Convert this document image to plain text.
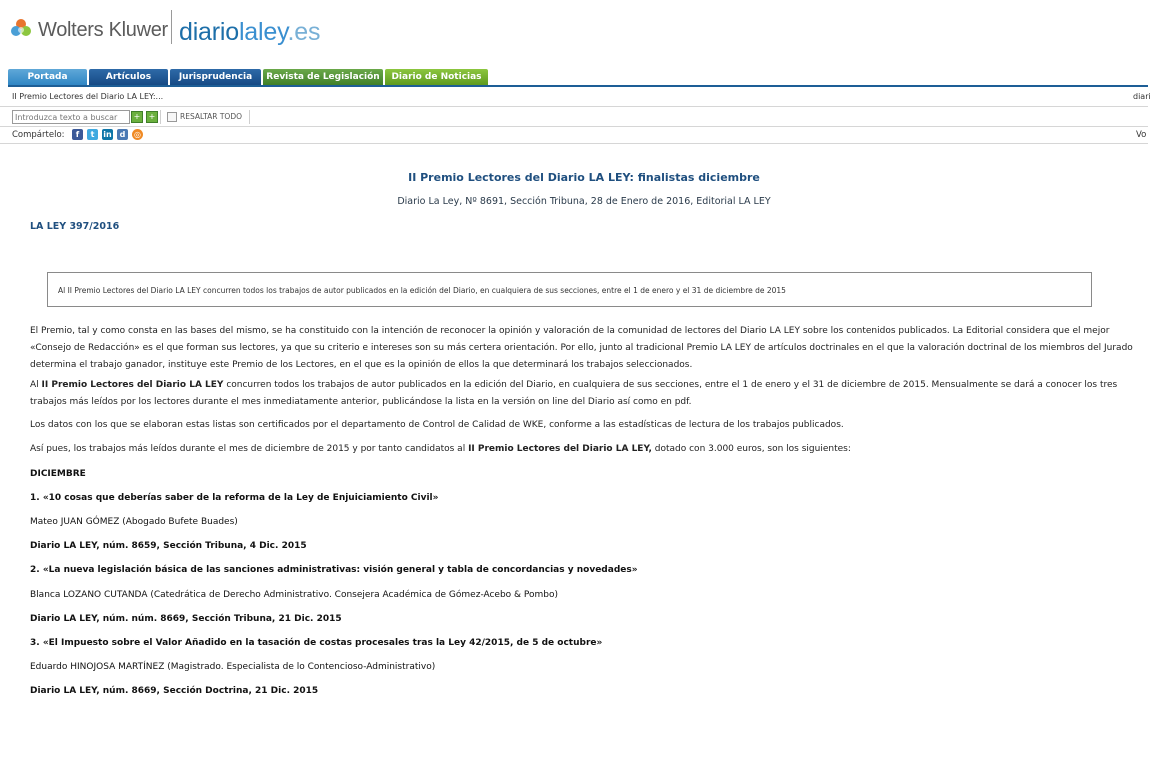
Wolters Kluwer diariolaley.es
Portada	Artículos	Jurisprudencia	Revista de Legislación	Diario de Noticias
II Premio Lectores del Diario LA LEY:...	diari
Introduzca texto a buscar
+	+	RESALTAR TODO
Compártelo:	f	t	in d	◎	Vo
II Premio Lectores del Diario LA LEY: finalistas diciembre
Diario La Ley, Nº 8691, Sección Tribuna, 28 de Enero de 2016, Editorial LA LEY
LA LEY 397/2016
Al II Premio Lectores del Diario LA LEY concurren todos los trabajos de autor publicados en la edición del Diario, en cualquiera de sus secciones, entre el 1 de enero y el 31 de diciembre de 2015
El Premio, tal y como consta en las bases del mismo, se ha constituido con la intención de reconocer la opinión y valoración de la comunidad de lectores del Diario LA LEY sobre los contenidos publicados. La Editorial considera que el mejor «Consejo de Redacción» es el que forman sus lectores, ya que su criterio e intereses son su más certera orientación. Por ello, junto al tradicional Premio LA LEY de artículos doctrinales en el que la valoración doctrinal de los miembros del Jurado determina el trabajo ganador, instituye este Premio de los Lectores, en el que es la opinión de ellos la que determinará los trabajos seleccionados.
Al II Premio Lectores del Diario LA LEY concurren todos los trabajos de autor publicados en la edición del Diario, en cualquiera de sus secciones, entre el 1 de enero y el 31 de diciembre de 2015. Mensualmente se dará a conocer los tres trabajos más leídos por los lectores durante el mes inmediatamente anterior, publicándose la lista en la versión on line del Diario así como en pdf.
Los datos con los que se elaboran estas listas son certificados por el departamento de Control de Calidad de WKE, conforme a las estadísticas de lectura de los trabajos publicados.
Así pues, los trabajos más leídos durante el mes de diciembre de 2015 y por tanto candidatos al II Premio Lectores del Diario LA LEY, dotado con 3.000 euros, son los siguientes:
DICIEMBRE
1. «10 cosas que deberías saber de la reforma de la Ley de Enjuiciamiento Civil»
Mateo JUAN GÓMEZ (Abogado Bufete Buades)
Diario LA LEY, núm. 8659, Sección Tribuna, 4 Dic. 2015
2. «La nueva legislación básica de las sanciones administrativas: visión general y tabla de concordancias y novedades»
Blanca LOZANO CUTANDA (Catedrática de Derecho Administrativo. Consejera Académica de Gómez-Acebo & Pombo)
Diario LA LEY, núm. núm. 8669, Sección Tribuna, 21 Dic. 2015
3. «El Impuesto sobre el Valor Añadido en la tasación de costas procesales tras la Ley 42/2015, de 5 de octubre»
Eduardo HINOJOSA MARTÍNEZ (Magistrado. Especialista de lo Contencioso-Administrativo)
Diario LA LEY, núm. 8669, Sección Doctrina, 21 Dic. 2015
